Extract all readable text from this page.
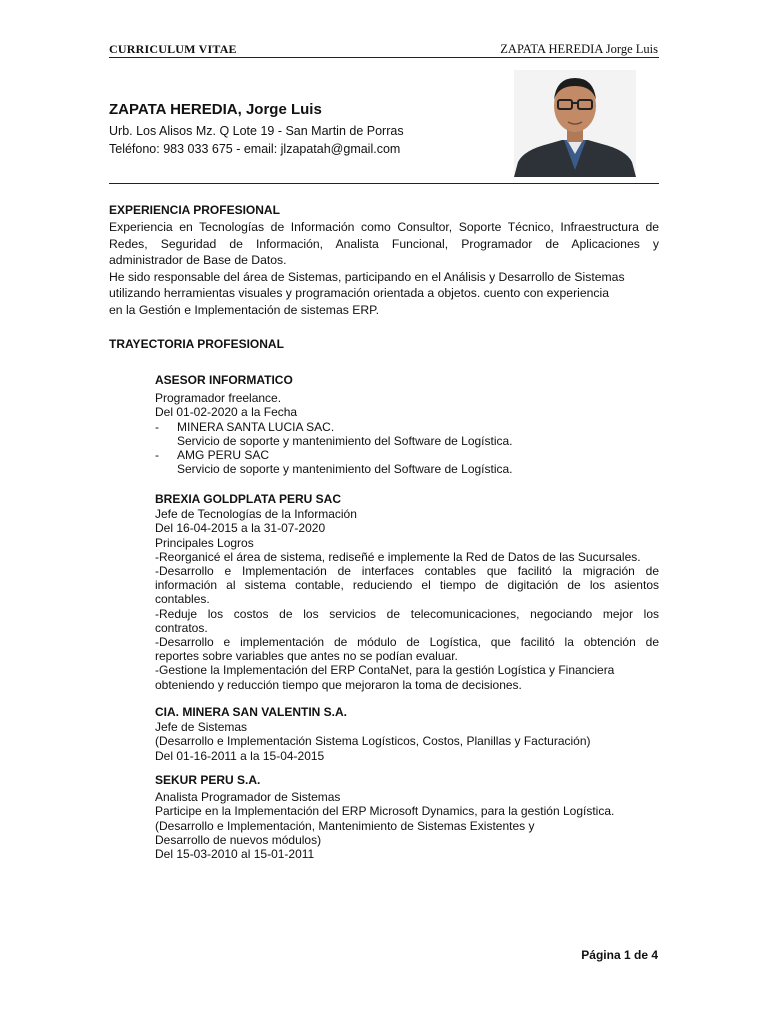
CURRICULUM VITAE	ZAPATA HEREDIA Jorge Luis
ZAPATA HEREDIA, Jorge Luis
Urb. Los Alisos Mz. Q Lote 19 - San Martin de Porras
Teléfono: 983 033 675 - email: jlzapatah@gmail.com
EXPERIENCIA PROFESIONAL
Experiencia en Tecnologías de Información como Consultor, Soporte Técnico, Infraestructura de
Redes, Seguridad de Información, Analista Funcional, Programador de Aplicaciones y
administrador de Base de Datos.
He sido responsable del área de Sistemas, participando en el Análisis y Desarrollo de Sistemas
utilizando herramientas visuales y programación orientada a objetos. cuento con experiencia
en la Gestión e Implementación de sistemas ERP.
TRAYECTORIA PROFESIONAL
ASESOR INFORMATICO
Programador freelance.
Del 01-02-2020 a la Fecha
-	MINERA SANTA LUCIA SAC.
Servicio de soporte y mantenimiento del Software de Logística.
-	AMG PERU SAC
Servicio de soporte y mantenimiento del Software de Logística.
BREXIA GOLDPLATA PERU SAC
Jefe de Tecnologías de la Información
Del 16-04-2015 a la 31-07-2020
Principales Logros
-Reorganicé el área de sistema, rediseñé e implemente la Red de Datos de las Sucursales.
-Desarrollo e Implementación de interfaces contables que facilitó la migración de
información al sistema contable, reduciendo el tiempo de digitación de los asientos
contables.
-Reduje los costos de los servicios de telecomunicaciones, negociando mejor los
contratos.
-Desarrollo e implementación de módulo de Logística, que facilitó la obtención de
reportes sobre variables que antes no se podían evaluar.
-Gestione la Implementación del ERP ContaNet, para la gestión Logística y Financiera
obteniendo y reducción tiempo que mejoraron la toma de decisiones.
CIA. MINERA SAN VALENTIN S.A.
Jefe de Sistemas
(Desarrollo e Implementación Sistema Logísticos, Costos, Planillas y Facturación)
Del 01-16-2011 a la 15-04-2015
SEKUR PERU S.A.
Analista Programador de Sistemas
Participe en la Implementación del ERP Microsoft Dynamics, para la gestión Logística.
(Desarrollo e Implementación, Mantenimiento de Sistemas Existentes y
Desarrollo de nuevos módulos)
Del 15-03-2010 al 15-01-2011
Página 1 de 4
